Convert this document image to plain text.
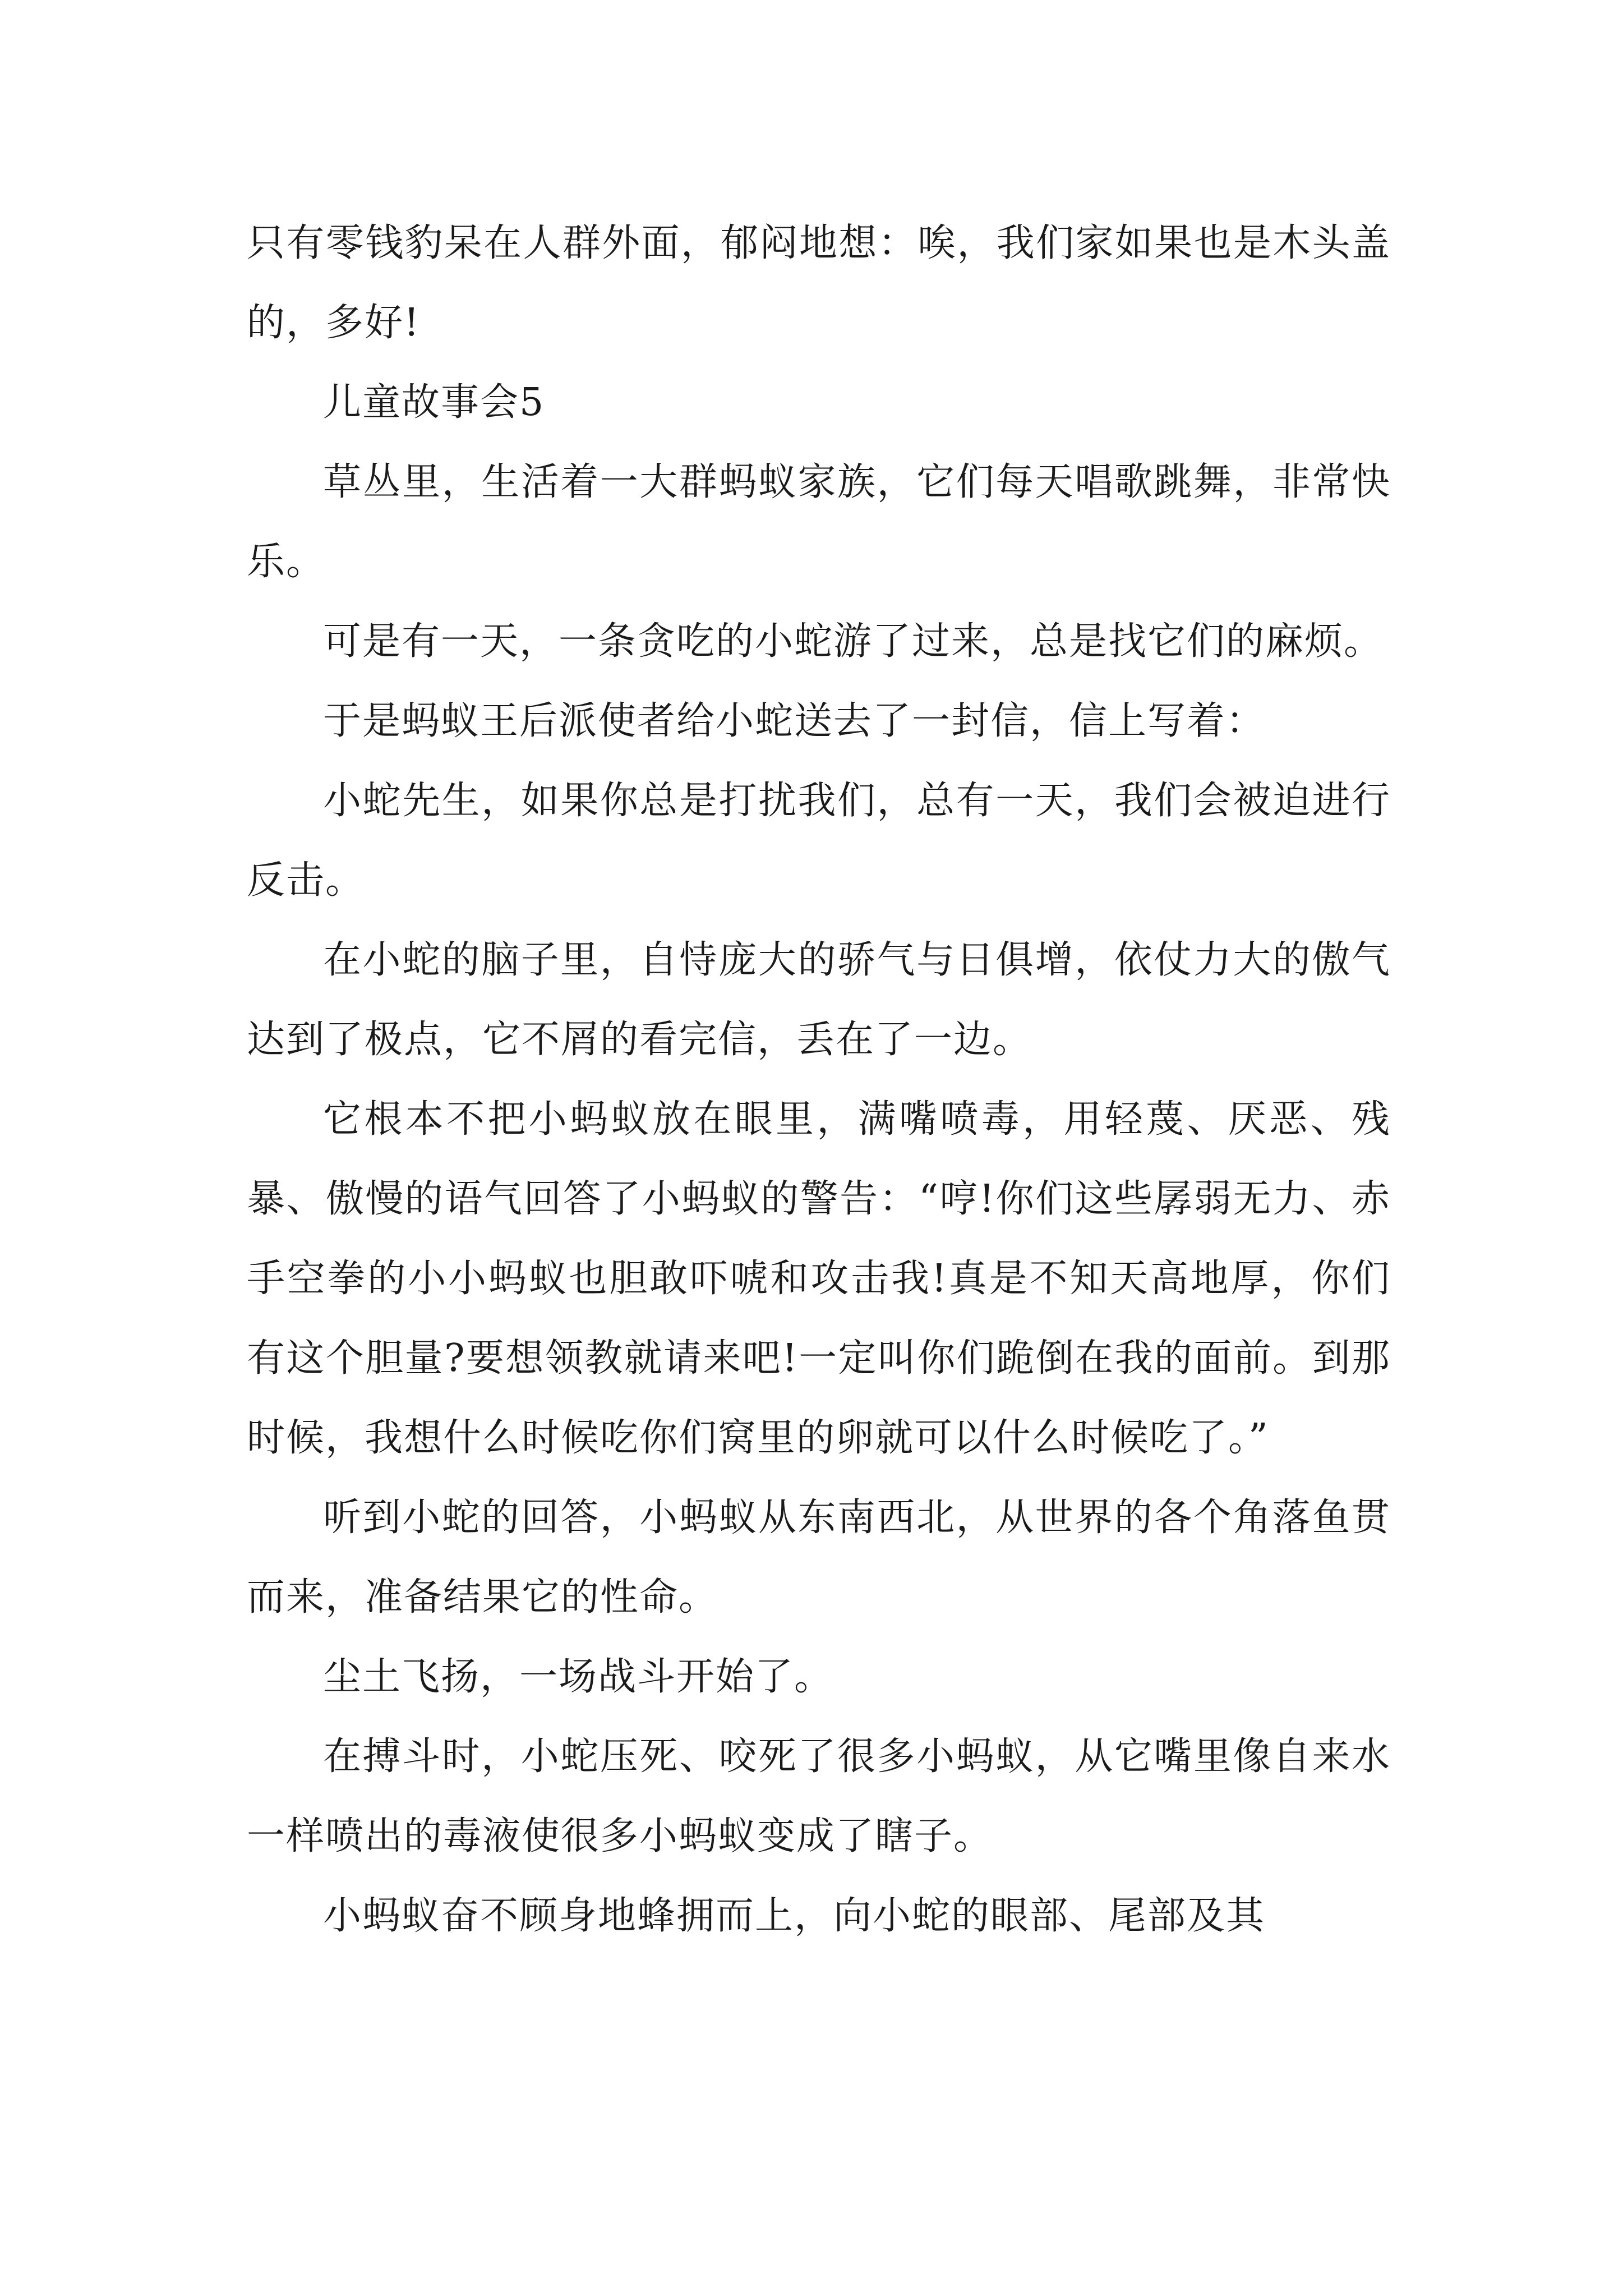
只有零钱豹呆在人群外面，郁闷地想：唉，我们家如果也是木头盖的，多好!

儿童故事会5

草丛里，生活着一大群蚂蚁家族，它们每天唱歌跳舞，非常快乐。

可是有一天，一条贪吃的小蛇游了过来，总是找它们的麻烦。

于是蚂蚁王后派使者给小蛇送去了一封信，信上写着：

小蛇先生，如果你总是打扰我们，总有一天，我们会被迫进行反击。

在小蛇的脑子里，自恃庞大的骄气与日俱增，依仗力大的傲气达到了极点，它不屑的看完信，丢在了一边。

它根本不把小蚂蚁放在眼里，满嘴喷毒，用轻蔑、厌恶、残暴、傲慢的语气回答了小蚂蚁的警告：“哼!你们这些孱弱无力、赤手空拳的小小蚂蚁也胆敢吓唬和攻击我!真是不知天高地厚，你们有这个胆量?要想领教就请来吧!一定叫你们跪倒在我的面前。到那时候，我想什么时候吃你们窝里的卵就可以什么时候吃了。”

听到小蛇的回答，小蚂蚁从东南西北，从世界的各个角落鱼贯而来，准备结果它的性命。

尘土飞扬，一场战斗开始了。

在搏斗时，小蛇压死、咬死了很多小蚂蚁，从它嘴里像自来水一样喷出的毒液使很多小蚂蚁变成了瞎子。

小蚂蚁奋不顾身地蜂拥而上，向小蛇的眼部、尾部及其
